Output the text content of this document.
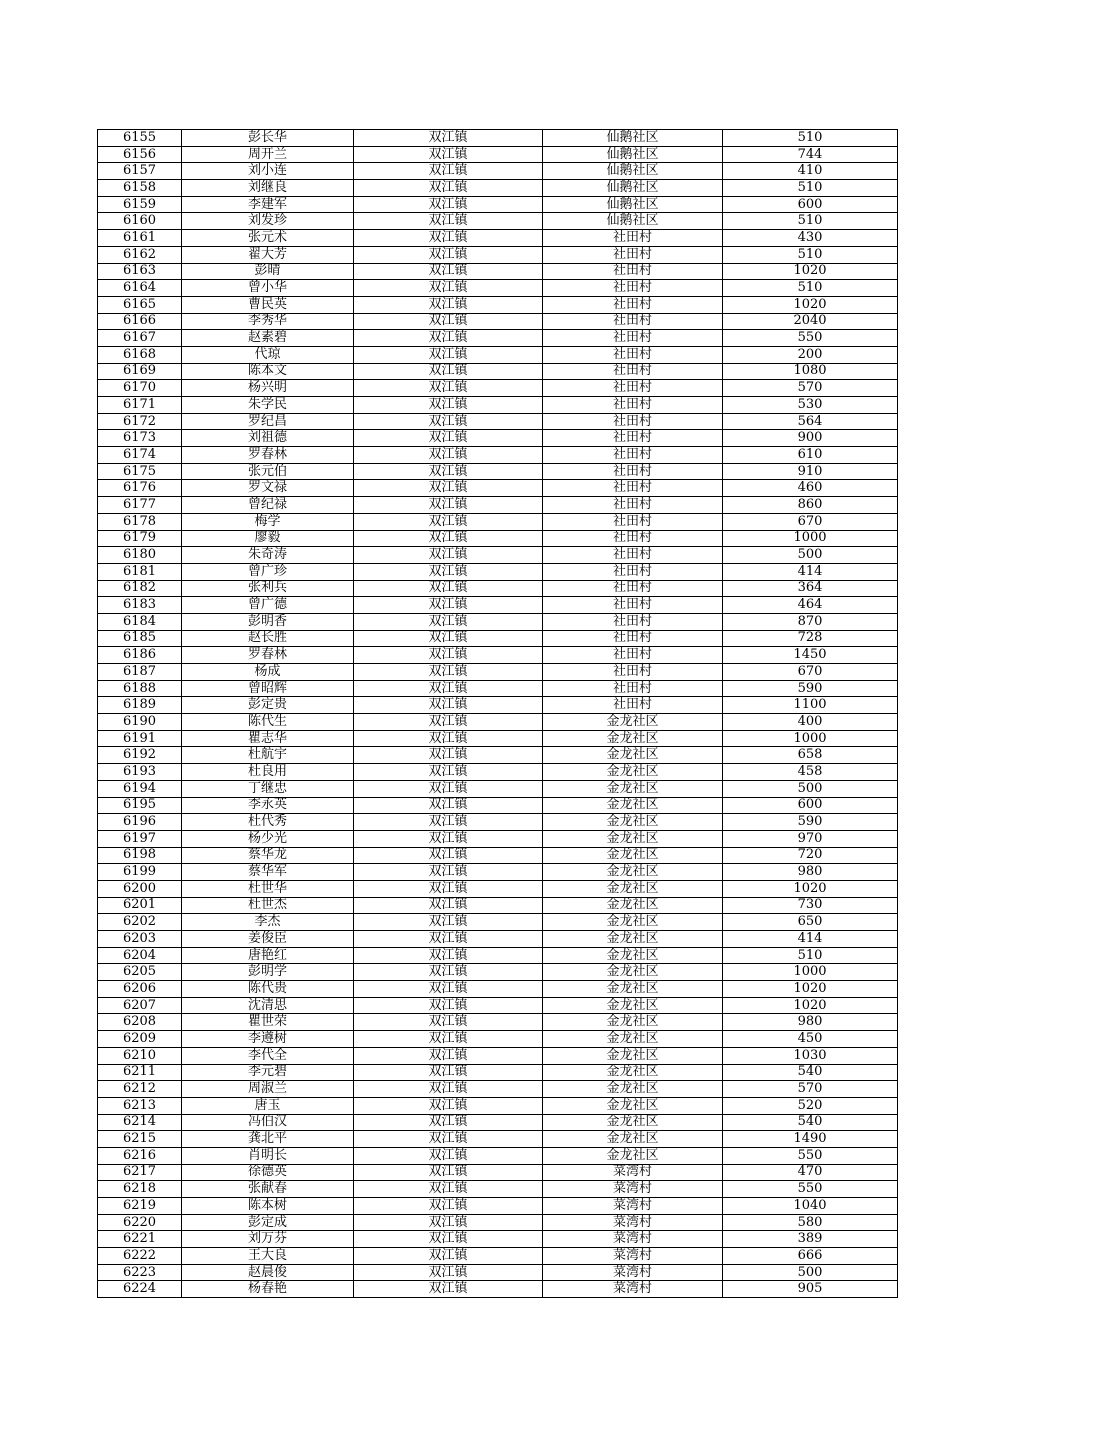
6155	彭长华	双江镇	仙鹅社区	510
6156	周开兰	双江镇	仙鹅社区	744
6157	刘小连	双江镇	仙鹅社区	410
6158	刘继良	双江镇	仙鹅社区	510
6159	李建军	双江镇	仙鹅社区	600
6160	刘发珍	双江镇	仙鹅社区	510
6161	张元术	双江镇	社田村	430
6162	翟大芳	双江镇	社田村	510
6163	彭晴	双江镇	社田村	1020
6164	曾小华	双江镇	社田村	510
6165	曹民英	双江镇	社田村	1020
6166	李秀华	双江镇	社田村	2040
6167	赵素碧	双江镇	社田村	550
6168	代琼	双江镇	社田村	200
6169	陈本文	双江镇	社田村	1080
6170	杨兴明	双江镇	社田村	570
6171	朱学民	双江镇	社田村	530
6172	罗纪昌	双江镇	社田村	564
6173	刘祖德	双江镇	社田村	900
6174	罗春林	双江镇	社田村	610
6175	张元伯	双江镇	社田村	910
6176	罗文禄	双江镇	社田村	460
6177	曾纪禄	双江镇	社田村	860
6178	梅学	双江镇	社田村	670
6179	廖毅	双江镇	社田村	1000
6180	朱奇涛	双江镇	社田村	500
6181	曾广珍	双江镇	社田村	414
6182	张利兵	双江镇	社田村	364
6183	曾广德	双江镇	社田村	464
6184	彭明香	双江镇	社田村	870
6185	赵长胜	双江镇	社田村	728
6186	罗春林	双江镇	社田村	1450
6187	杨成	双江镇	社田村	670
6188	曾昭辉	双江镇	社田村	590
6189	彭定贵	双江镇	社田村	1100
6190	陈代生	双江镇	金龙社区	400
6191	瞿志华	双江镇	金龙社区	1000
6192	杜航宇	双江镇	金龙社区	658
6193	杜良用	双江镇	金龙社区	458
6194	丁继忠	双江镇	金龙社区	500
6195	李永英	双江镇	金龙社区	600
6196	杜代秀	双江镇	金龙社区	590
6197	杨少光	双江镇	金龙社区	970
6198	蔡华龙	双江镇	金龙社区	720
6199	蔡华军	双江镇	金龙社区	980
6200	杜世华	双江镇	金龙社区	1020
6201	杜世杰	双江镇	金龙社区	730
6202	李杰	双江镇	金龙社区	650
6203	姜俊臣	双江镇	金龙社区	414
6204	唐艳红	双江镇	金龙社区	510
6205	彭明学	双江镇	金龙社区	1000
6206	陈代贵	双江镇	金龙社区	1020
6207	沈清思	双江镇	金龙社区	1020
6208	瞿世荣	双江镇	金龙社区	980
6209	李遵树	双江镇	金龙社区	450
6210	李代全	双江镇	金龙社区	1030
6211	李元碧	双江镇	金龙社区	540
6212	周淑兰	双江镇	金龙社区	570
6213	唐玉	双江镇	金龙社区	520
6214	冯伯汉	双江镇	金龙社区	540
6215	龚北平	双江镇	金龙社区	1490
6216	肖明长	双江镇	金龙社区	550
6217	徐德英	双江镇	菜湾村	470
6218	张献春	双江镇	菜湾村	550
6219	陈本树	双江镇	菜湾村	1040
6220	彭定成	双江镇	菜湾村	580
6221	刘万芬	双江镇	菜湾村	389
6222	王大良	双江镇	菜湾村	666
6223	赵晨俊	双江镇	菜湾村	500
6224	杨春艳	双江镇	菜湾村	905
